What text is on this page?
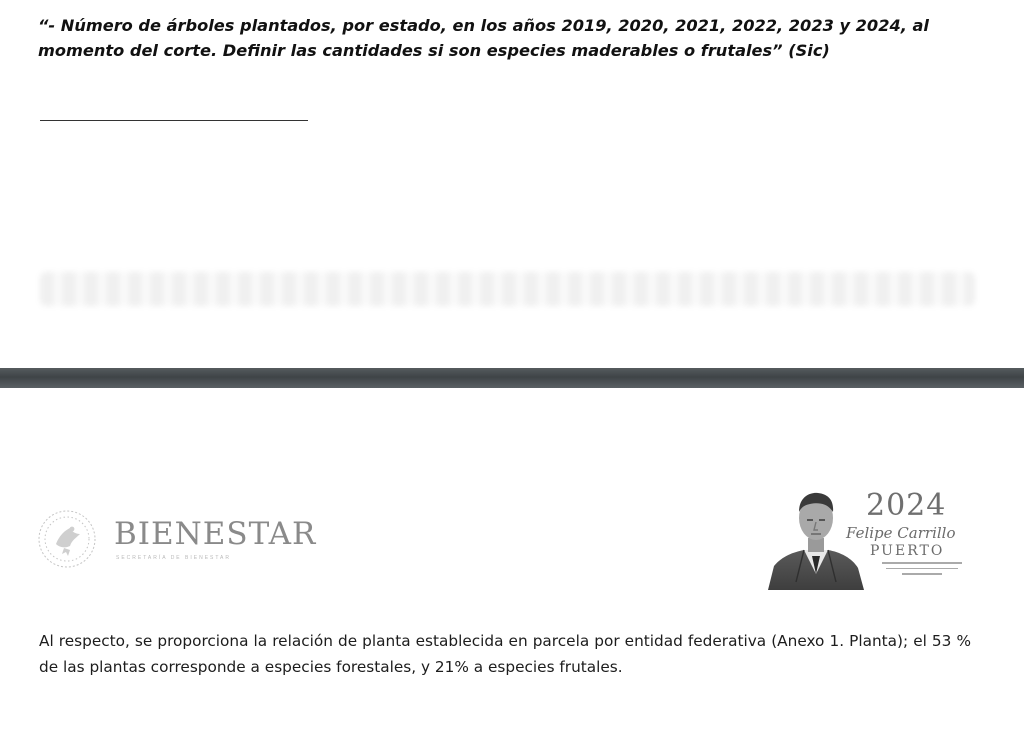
“- Número de árboles plantados, por estado, en los años 2019, 2020, 2021, 2022, 2023 y 2024, al momento del corte. Definir las cantidades si son especies maderables o frutales” (Sic)

BIENESTAR

SECRETARÍA DE BIENESTAR

2024

Felipe Carrillo

PUERTO

Al respecto, se proporciona la relación de planta establecida en parcela por entidad federativa (Anexo 1. Planta); el 53 % de las plantas corresponde a especies forestales, y 21% a especies frutales.
